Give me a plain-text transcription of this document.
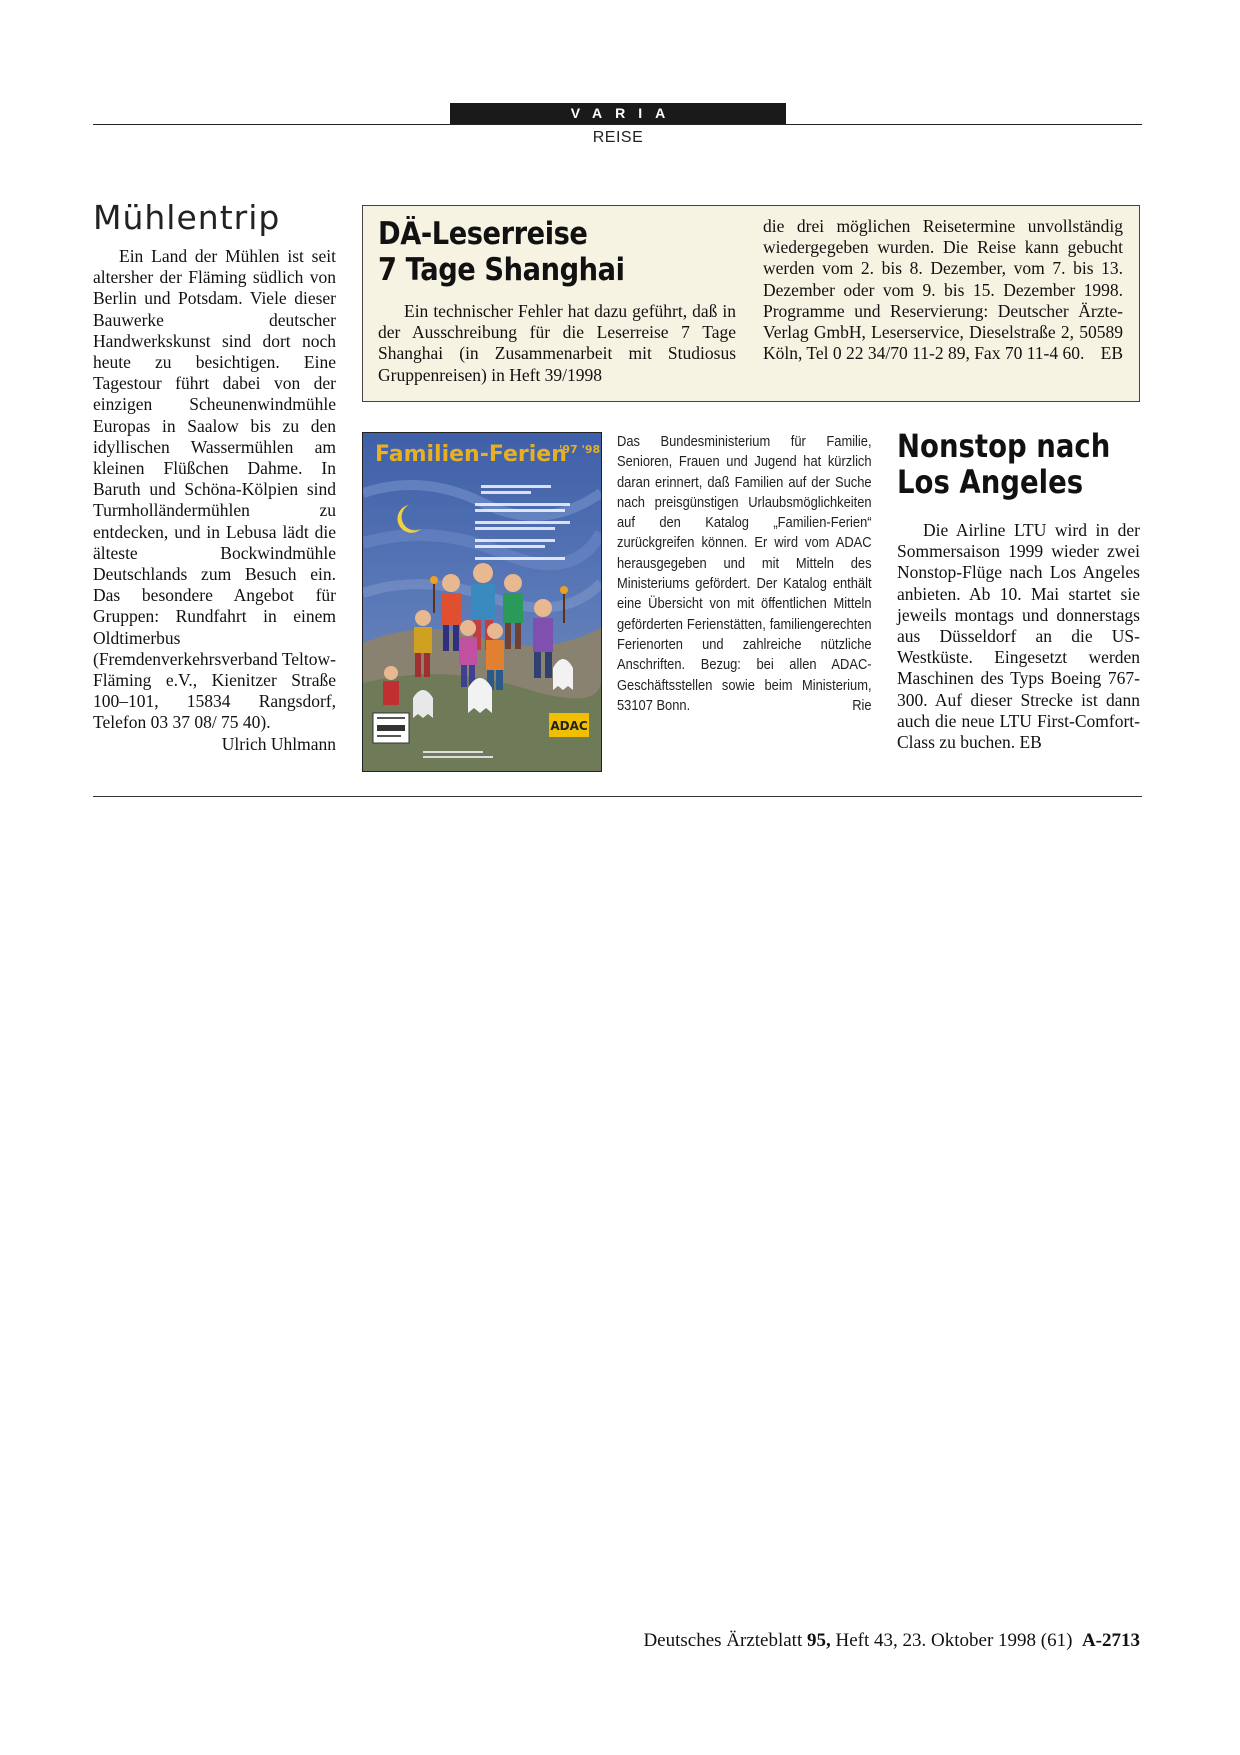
VARIA
REISE
Mühlentrip

Ein Land der Mühlen ist seit altersher der Fläming südlich von Berlin und Potsdam. Viele dieser Bauwerke deutscher Handwerkskunst sind dort noch heute zu besichtigen. Eine Tagestour führt dabei von der einzigen Scheunenwindmühle Europas in Saalow bis zu den idyllischen Wassermühlen am kleinen Flüßchen Dahme. In Baruth und Schöna-Kölpien sind Turmholländermühlen zu entdecken, und in Lebusa lädt die älteste Bockwindmühle Deutschlands zum Besuch ein. Das besondere Angebot für Gruppen: Rundfahrt in einem Oldtimerbus (Fremdenverkehrsverband Teltow-Fläming e.V., Kienitzer Straße 100–101, 15834 Rangsdorf, Telefon 03 37 08/ 75 40).

Ulrich Uhlmann
DÄ-Leserreise
7 Tage Shanghai

Ein technischer Fehler hat dazu geführt, daß in der Ausschreibung für die Leserreise 7 Tage Shanghai (in Zusammenarbeit mit Studiosus Gruppenreisen) in Heft 39/1998

die drei möglichen Reisetermine unvollständig wiedergegeben wurden. Die Reise kann gebucht werden vom 2. bis 8. Dezember, vom 7. bis 13. Dezember oder vom 9. bis 15. Dezember 1998. Programme und Reservierung: Deutscher Ärzte-Verlag GmbH, Leserservice, Dieselstraße 2, 50589 Köln, Tel 0 22 34/70 11-2 89, Fax 70 11-4 60. EB
Familien-Ferien
'97 '98
ADAC

Das Bundesministerium für Familie, Senioren, Frauen und Jugend hat kürzlich daran erinnert, daß Familien auf der Suche nach preisgünstigen Urlaubsmöglichkeiten auf den Katalog „Familien-Ferien“ zurückgreifen können. Er wird vom ADAC herausgegeben und mit Mitteln des Ministeriums gefördert. Der Katalog enthält eine Übersicht von mit öffentlichen Mitteln geförderten Ferienstätten, familiengerechten Ferienorten und zahlreiche nützliche Anschriften. Bezug: bei allen ADAC-Geschäftsstellen sowie beim Ministerium, 53107 Bonn.	Rie
Nonstop nach
Los Angeles

Die Airline LTU wird in der Sommersaison 1999 wieder zwei Nonstop-Flüge nach Los Angeles anbieten. Ab 10. Mai startet sie jeweils montags und donnerstags aus Düsseldorf an die US-Westküste. Eingesetzt werden Maschinen des Typs Boeing 767-300. Auf dieser Strecke ist dann auch die neue LTU First-Comfort-Class zu buchen. EB

Deutsches Ärzteblatt 95, Heft 43, 23. Oktober 1998 (61) A-2713
